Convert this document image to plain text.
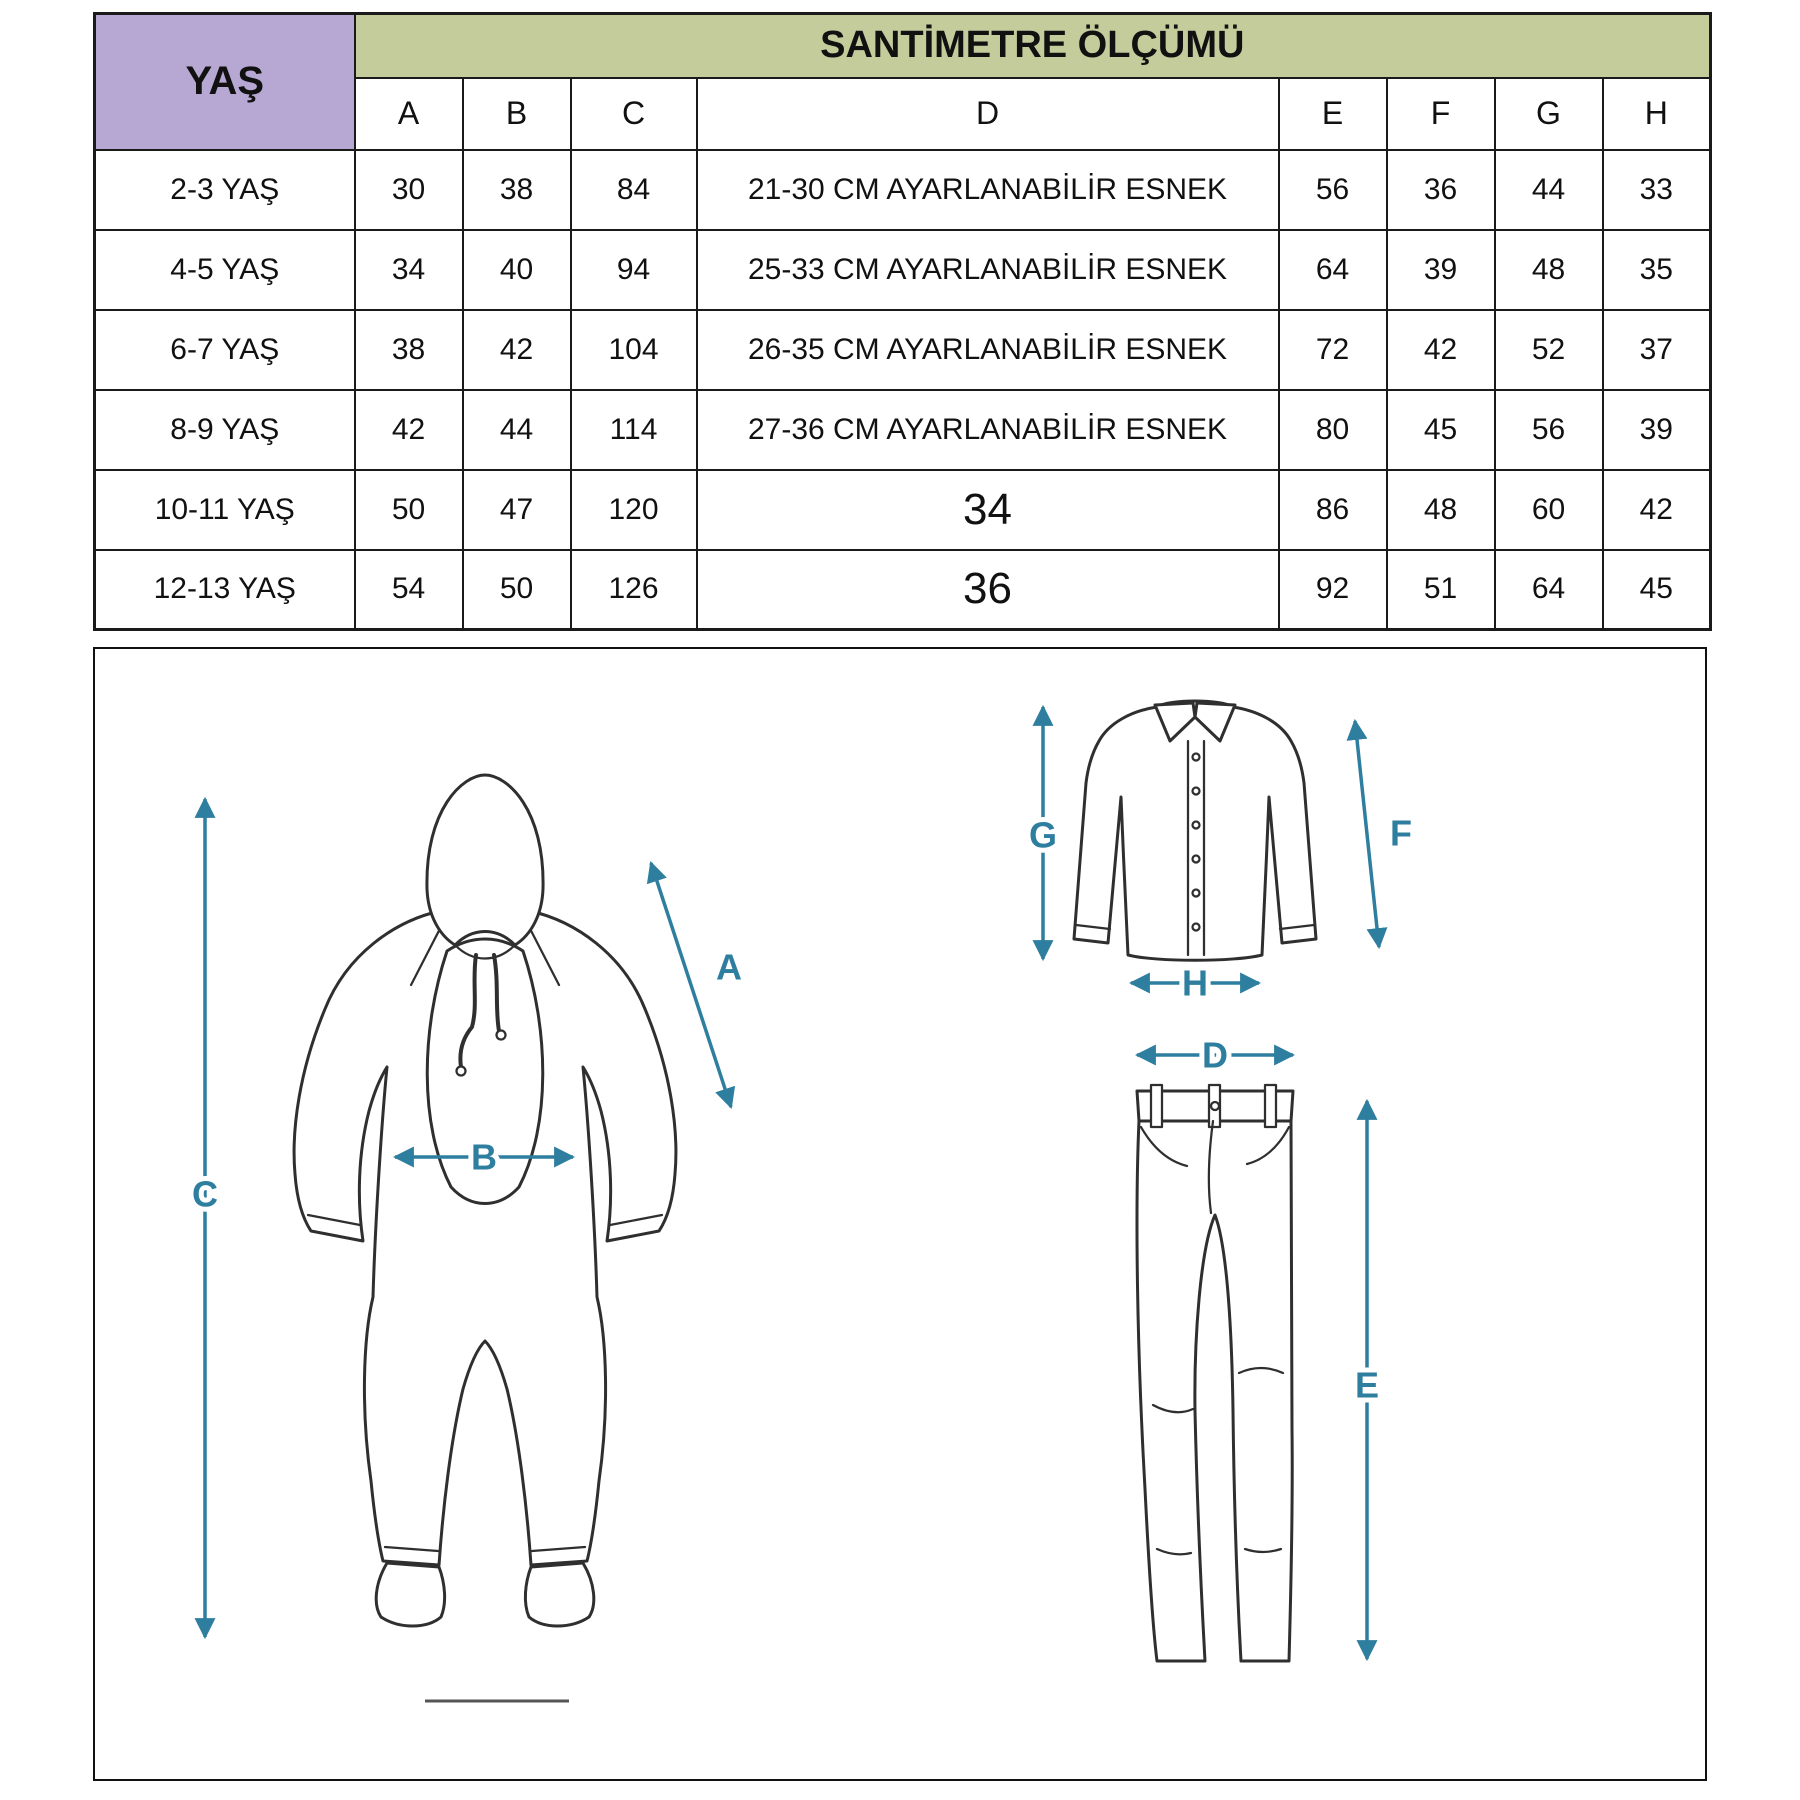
YAŞ	SANTİMETRE ÖLÇÜMÜ							
	A	B	C	D	E	F	G	H
2-3 YAŞ	30	38	84	21-30 CM AYARLANABİLİR ESNEK	56	36	44	33
4-5 YAŞ	34	40	94	25-33 CM AYARLANABİLİR ESNEK	64	39	48	35
6-7 YAŞ	38	42	104	26-35 CM AYARLANABİLİR ESNEK	72	42	52	37
8-9 YAŞ	42	44	114	27-36 CM AYARLANABİLİR ESNEK	80	45	56	39
10-11 YAŞ	50	47	120	34	86	48	60	42
12-13 YAŞ	54	50	126	36	92	51	64	45
C
A
B
G	F
H
D
E
